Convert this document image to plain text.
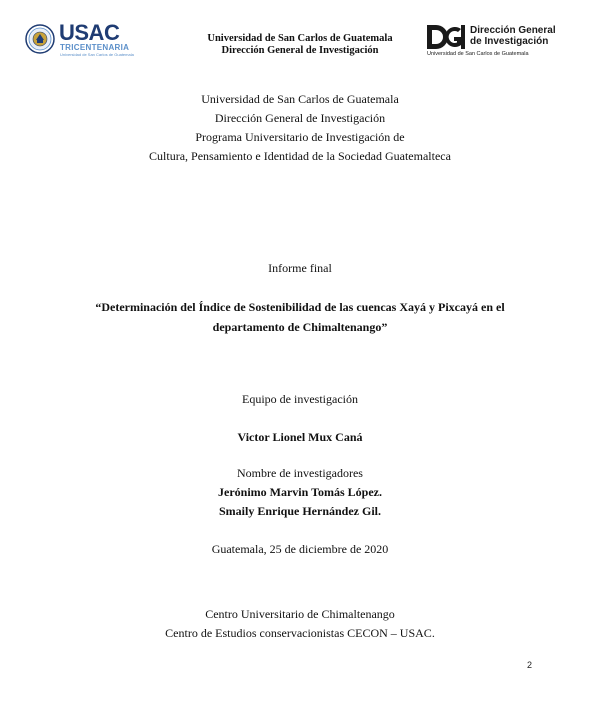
USAC
TRICENTENARIA
Universidad de San Carlos de Guatemala
Universidad de San Carlos de Guatemala
Dirección General de Investigación
Dirección General
de Investigación
Universidad de San Carlos de Guatemala
Universidad de San Carlos de Guatemala
Dirección General de Investigación
Programa Universitario de Investigación de
Cultura, Pensamiento e Identidad de la Sociedad Guatemalteca
Informe final
“Determinación del Índice de Sostenibilidad de las cuencas Xayá y Pixcayá en el
departamento de Chimaltenango”
Equipo de investigación
Victor Lionel Mux Caná
Nombre de investigadores
Jerónimo Marvin Tomás López.
Smaily Enrique Hernández Gil.
Guatemala, 25 de diciembre de 2020
Centro Universitario de Chimaltenango
Centro de Estudios conservacionistas CECON – USAC.
2
